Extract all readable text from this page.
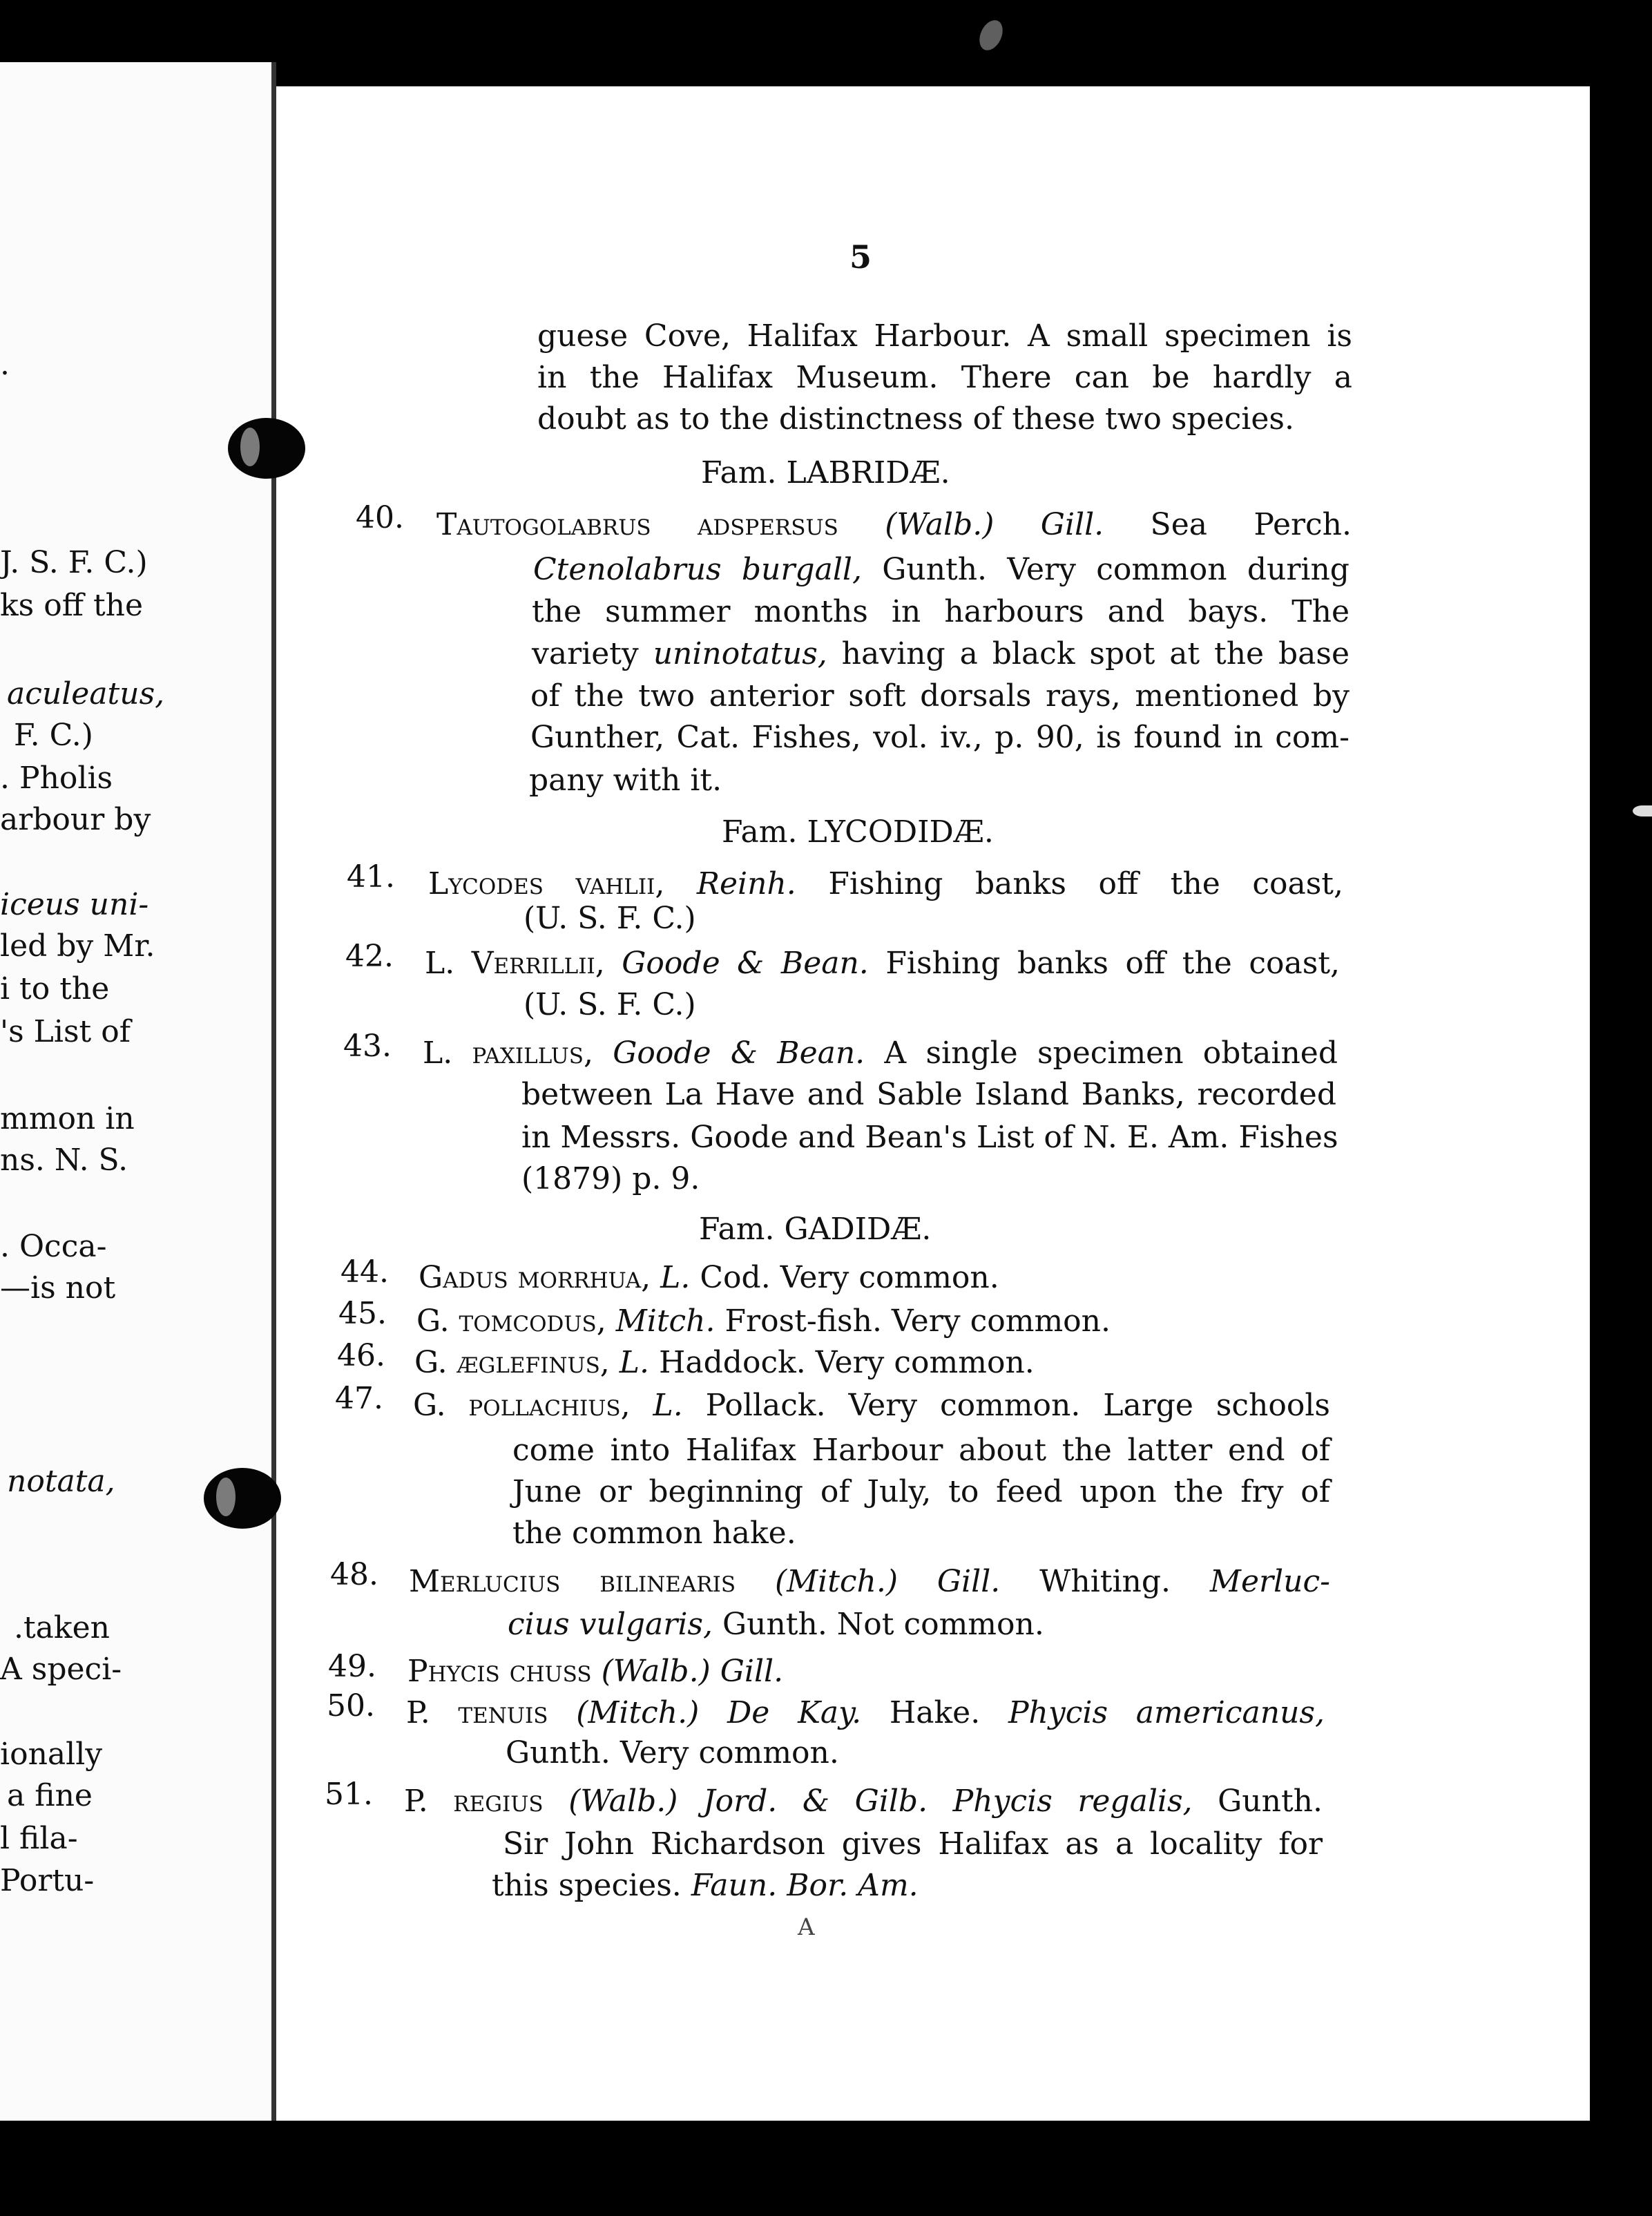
.
J. S. F. C.)
ks off the
aculeatus,
F. C.)
. Pholis
arbour by
iceus uni-
led by Mr.
i to the
's List of
mmon in
ns. N. S.
. Occa-
—is not
notata,
.taken
A speci-
ionally
a fine
l fila-
Portu-
5
guese Cove, Halifax Harbour. A small specimen is
in the Halifax Museum. There can be hardly a
doubt as to the distinctness of these two species.
Fam. LABRIDÆ.
40. Tautogolabrus adspersus (Walb.) Gill. Sea Perch.
Ctenolabrus burgall, Gunth. Very common during
the summer months in harbours and bays. The
variety uninotatus, having a black spot at the base
of the two anterior soft dorsals rays, mentioned by
Gunther, Cat. Fishes, vol. iv., p. 90, is found in com-
pany with it.
Fam. LYCODIDÆ.
41. Lycodes vahlii, Reinh. Fishing banks off the coast,
(U. S. F. C.)
42. L. Verrillii, Goode & Bean. Fishing banks off the coast,
(U. S. F. C.)
43. L. paxillus, Goode & Bean. A single specimen obtained
between La Have and Sable Island Banks, recorded
in Messrs. Goode and Bean's List of N. E. Am. Fishes
(1879) p. 9.
Fam. GADIDÆ.
44. Gadus morrhua, L. Cod. Very common.
45. G. tomcodus, Mitch. Frost-fish. Very common.
46. G. æglefinus, L. Haddock. Very common.
47. G. pollachius, L. Pollack. Very common. Large schools
come into Halifax Harbour about the latter end of
June or beginning of July, to feed upon the fry of
the common hake.
48. Merlucius bilinearis (Mitch.) Gill. Whiting. Merluc-
cius vulgaris, Gunth. Not common.
49. Phycis chuss (Walb.) Gill.
50. P. tenuis (Mitch.) De Kay. Hake. Phycis americanus,
Gunth. Very common.
51. P. regius (Walb.) Jord. & Gilb. Phycis regalis, Gunth.
Sir John Richardson gives Halifax as a locality for
this species. Faun. Bor. Am.
A
